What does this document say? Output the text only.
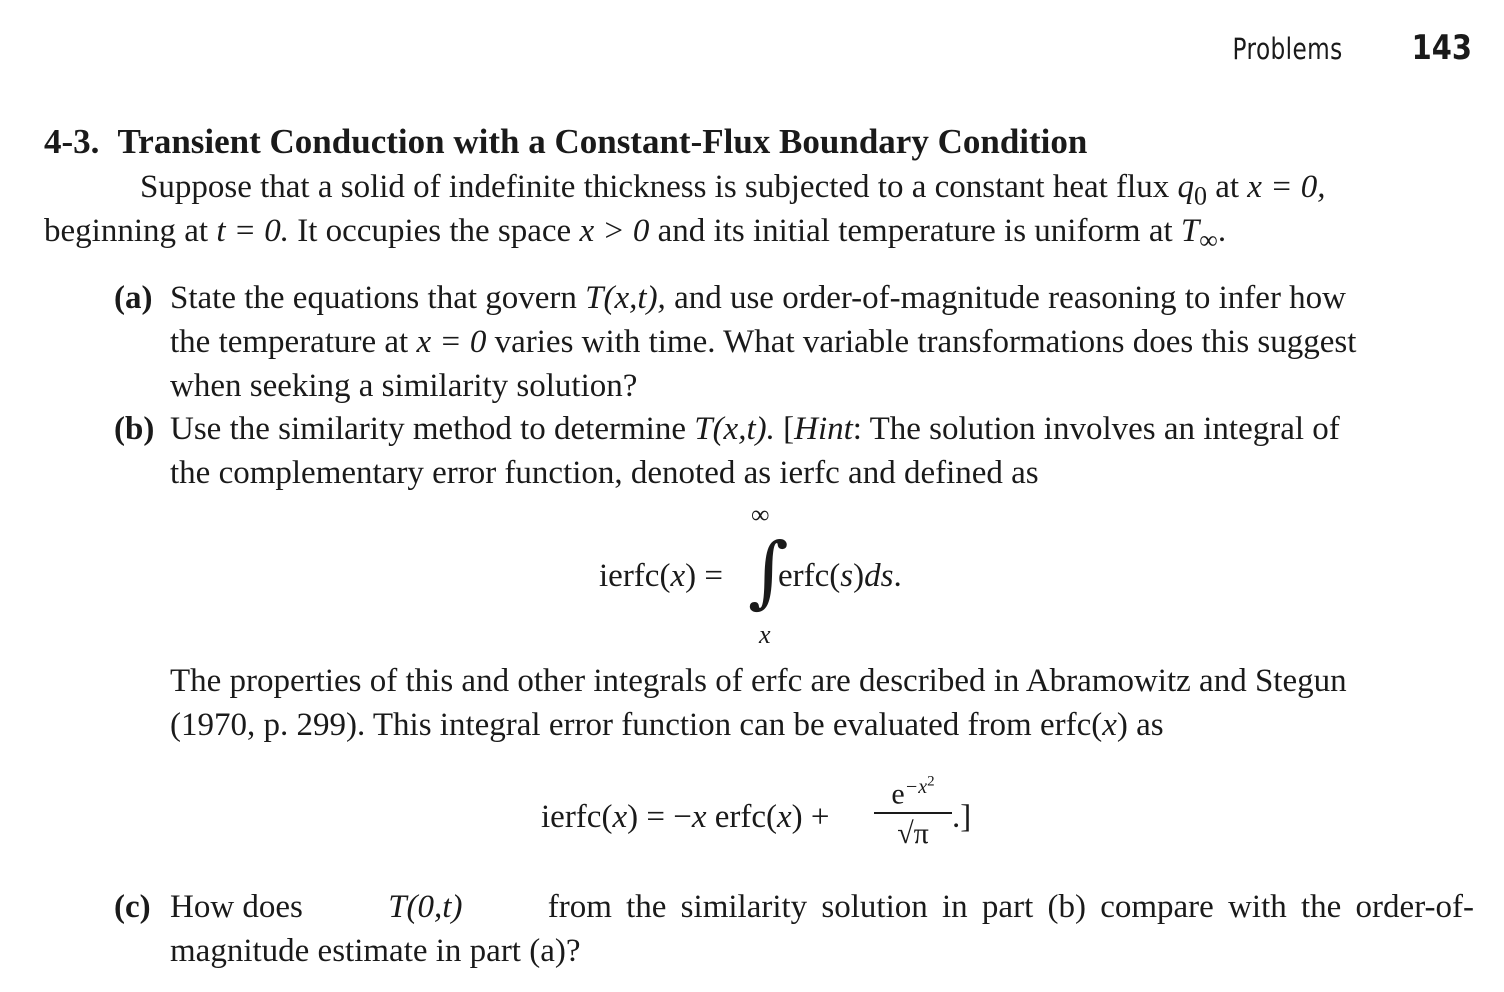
Problems 143
4-3. Transient Conduction with a Constant-Flux Boundary Condition
Suppose that a solid of indefinite thickness is subjected to a constant heat flux $q_0$ at x = 0,
beginning at t = 0. It occupies the space x > 0 and its initial temperature is uniform at $T_\infty$.
(a) State the equations that govern T(x,t), and use order-of-magnitude reasoning to infer how
the temperature at x = 0 varies with time. What variable transformations does this suggest
when seeking a similarity solution?
(b) Use the similarity method to determine T(x,t). [Hint: The solution involves an integral of
the complementary error function, denoted as ierfc and defined as
ierfc(x) =
∞
∫
x
erfc(s)ds.
The properties of this and other integrals of erfc are described in Abramowitz and Stegun
(1970, p. 299). This integral error function can be evaluated from erfc(x) as
ierfc(x) = −x erfc(x) +
$e^{-x^2}$
√π .]
(c) How does	T(0,t)	from the similarity solution in part (b) compare with the order-of-
magnitude estimate in part (a)?
